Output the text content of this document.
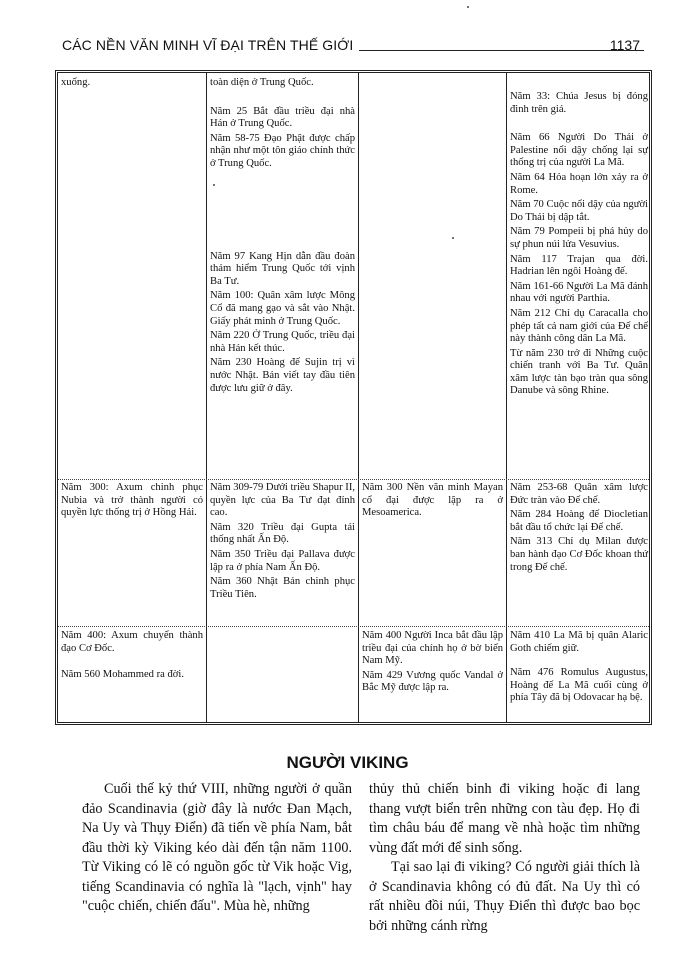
CÁC NỀN VĂN MINH VĨ ĐẠI TRÊN THẾ GIỚI	1137

xuống.

Năm 300: Axum chinh phục Nubia và trở thành người có quyền lực thống trị ở Hồng Hải.

Năm 400: Axum chuyển thành đạo Cơ Đốc.

Năm 560 Mohammed ra đời.

toàn diện ở Trung Quốc.

Năm 25 Bắt đầu triều đại nhà Hán ở Trung Quốc.

Năm 58-75 Đạo Phật được chấp nhận như một tôn giáo chính thức ở Trung Quốc.

Năm 97 Kang Ηịn dẫn đầu đoàn thám hiểm Trung Quốc tới vịnh Ba Tư.

Năm 100: Quân xâm lược Mông Cổ đã mang gạo và sắt vào Nhật. Giấy phát minh ở Trung Quốc.

Năm 220 Ở Trung Quốc, triều đại nhà Hán kết thúc.

Năm 230 Hoàng đế Sujin trị vì nước Nhật. Bản viết tay đầu tiên được lưu giữ ở đây.

Năm 309-79 Dưới triều Shapur II, quyền lực của Ba Tư đạt đỉnh cao.

Năm 320 Triều đại Gupta tái thống nhất Ấn Độ.

Năm 350 Triều đại Pallava được lập ra ở phía Nam Ấn Độ.

Năm 360 Nhật Bản chinh phục Triều Tiên.

Năm 300 Nền văn minh Mayan cổ đại được lập ra ở Mesoamerica.

Năm 400 Người Inca bắt đầu lập triều đại của chính họ ở bờ biển Nam Mỹ.

Năm 429 Vương quốc Vandal ở Bắc Mỹ được lập ra.

Năm 33: Chúa Jesus bị đóng đinh trên giá.

Năm 66 Người Do Thái ở Palestine nổi dậy chống lại sự thống trị của người La Mã.

Năm 64 Hỏa hoạn lớn xảy ra ở Rome.

Năm 70 Cuộc nổi dậy của người Do Thái bị dập tắt.

Năm 79 Pompeii bị phá hủy do sự phun núi lửa Vesuvius.

Năm 117 Trajan qua đời. Hadrian lên ngôi Hoàng đế.

Năm 161-66 Người La Mã đánh nhau với người Parthia.

Năm 212 Chỉ dụ Caracalla cho phép tất cả nam giới của Đế chế này thành công dân La Mã.

Từ năm 230 trở đi Những cuộc chiến tranh với Ba Tư. Quân xâm lược tàn bạo tràn qua sông Danube và sông Rhine.

Năm 253-68 Quân xâm lược Đức tràn vào Đế chế.

Năm 284 Hoàng đế Diocletian bắt đầu tổ chức lại Đế chế.

Năm 313 Chỉ dụ Milan được ban hành đạo Cơ Đốc khoan thứ trong Đế chế.

Năm 410 La Mã bị quân Alaric Goth chiếm giữ.

Năm 476 Romulus Augustus, Hoàng đế La Mã cuối cùng ở phía Tây đã bị Odovacar hạ bệ.

NGƯỜI VIKING

Cuối thế kỷ thứ VIII, những người ở quần đảo Scandinavia (giờ đây là nước Đan Mạch, Na Uy và Thụy Điển) đã tiến về phía Nam, bắt đầu thời kỳ Viking kéo dài đến tận năm 1100. Từ Viking có lẽ có nguồn gốc từ Vik hoặc Vig, tiếng Scandinavia có nghĩa là "lạch, vịnh" hay "cuộc chiến, chiến đấu". Mùa hè, những

thủy thủ chiến binh đi viking hoặc đi lang thang vượt biển trên những con tàu đẹp. Họ đi tìm châu báu để mang về nhà hoặc tìm những vùng đất mới để sinh sống.

Tại sao lại đi viking? Có người giải thích là ở Scandinavia không có đủ đất. Na Uy thì có rất nhiều đồi núi, Thụy Điển thì được bao bọc bởi những cánh rừng
